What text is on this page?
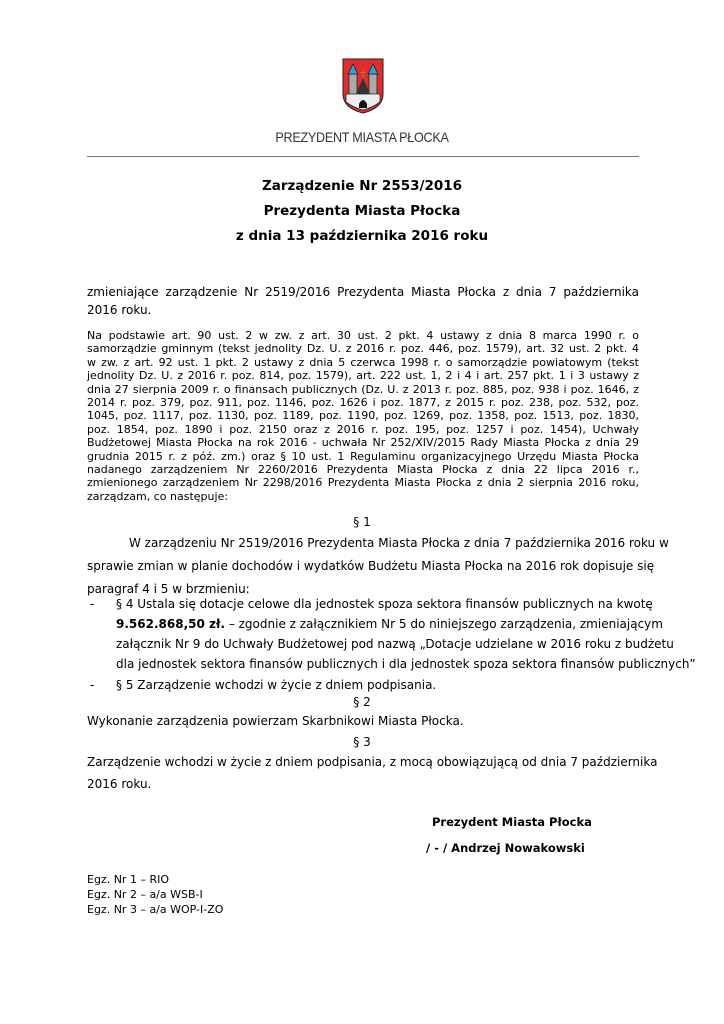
PREZYDENT MIASTA PŁOCKA
Zarządzenie Nr 2553/2016
Prezydenta Miasta Płocka
z dnia 13 października 2016 roku
zmieniające zarządzenie Nr 2519/2016 Prezydenta Miasta Płocka z dnia 7 października
2016 roku.
Na podstawie art. 90 ust. 2 w zw. z art. 30 ust. 2 pkt. 4 ustawy z dnia 8 marca 1990 r. o
samorządzie gminnym (tekst jednolity Dz. U. z 2016 r. poz. 446, poz. 1579), art. 32 ust. 2 pkt. 4
w zw. z art. 92 ust. 1 pkt. 2 ustawy z dnia 5 czerwca 1998 r. o samorządzie powiatowym (tekst
jednolity Dz. U. z 2016 r. poz. 814, poz. 1579), art. 222 ust. 1, 2 i 4 i art. 257 pkt. 1 i 3 ustawy z
dnia 27 sierpnia 2009 r. o finansach publicznych (Dz. U. z 2013 r. poz. 885, poz. 938 i poz. 1646, z
2014 r. poz. 379, poz. 911, poz. 1146, poz. 1626 i poz. 1877, z 2015 r. poz. 238, poz. 532, poz.
1045, poz. 1117, poz. 1130, poz. 1189, poz. 1190, poz. 1269, poz. 1358, poz. 1513, poz. 1830,
poz. 1854, poz. 1890 i poz. 2150 oraz z 2016 r. poz. 195, poz. 1257 i poz. 1454), Uchwały
Budżetowej Miasta Płocka na rok 2016 - uchwała Nr 252/XIV/2015 Rady Miasta Płocka z dnia 29
grudnia 2015 r. z póź. zm.) oraz § 10 ust. 1 Regulaminu organizacyjnego Urzędu Miasta Płocka
nadanego zarządzeniem Nr 2260/2016 Prezydenta Miasta Płocka z dnia 22 lipca 2016 r.,
zmienionego zarządzeniem Nr 2298/2016 Prezydenta Miasta Płocka z dnia 2 sierpnia 2016 roku,
zarządzam, co następuje:
§ 1
W zarządzeniu Nr 2519/2016 Prezydenta Miasta Płocka z dnia 7 października 2016 roku w
sprawie zmian w planie dochodów i wydatków Budżetu Miasta Płocka na 2016 rok dopisuje się
paragraf 4 i 5 w brzmieniu:
- § 4 Ustala się dotacje celowe dla jednostek spoza sektora finansów publicznych na kwotę
9.562.868,50 zł. – zgodnie z załącznikiem Nr 5 do niniejszego zarządzenia, zmieniającym
załącznik Nr 9 do Uchwały Budżetowej pod nazwą „Dotacje udzielane w 2016 roku z budżetu
dla jednostek sektora finansów publicznych i dla jednostek spoza sektora finansów publicznych”
- § 5 Zarządzenie wchodzi w życie z dniem podpisania.
§ 2
Wykonanie zarządzenia powierzam Skarbnikowi Miasta Płocka.
§ 3
Zarządzenie wchodzi w życie z dniem podpisania, z mocą obowiązującą od dnia 7 października
2016 roku.
Prezydent Miasta Płocka
/ - / Andrzej Nowakowski
Egz. Nr 1 – RIO
Egz. Nr 2 – a/a WSB-I
Egz. Nr 3 – a/a WOP-I-ZO
